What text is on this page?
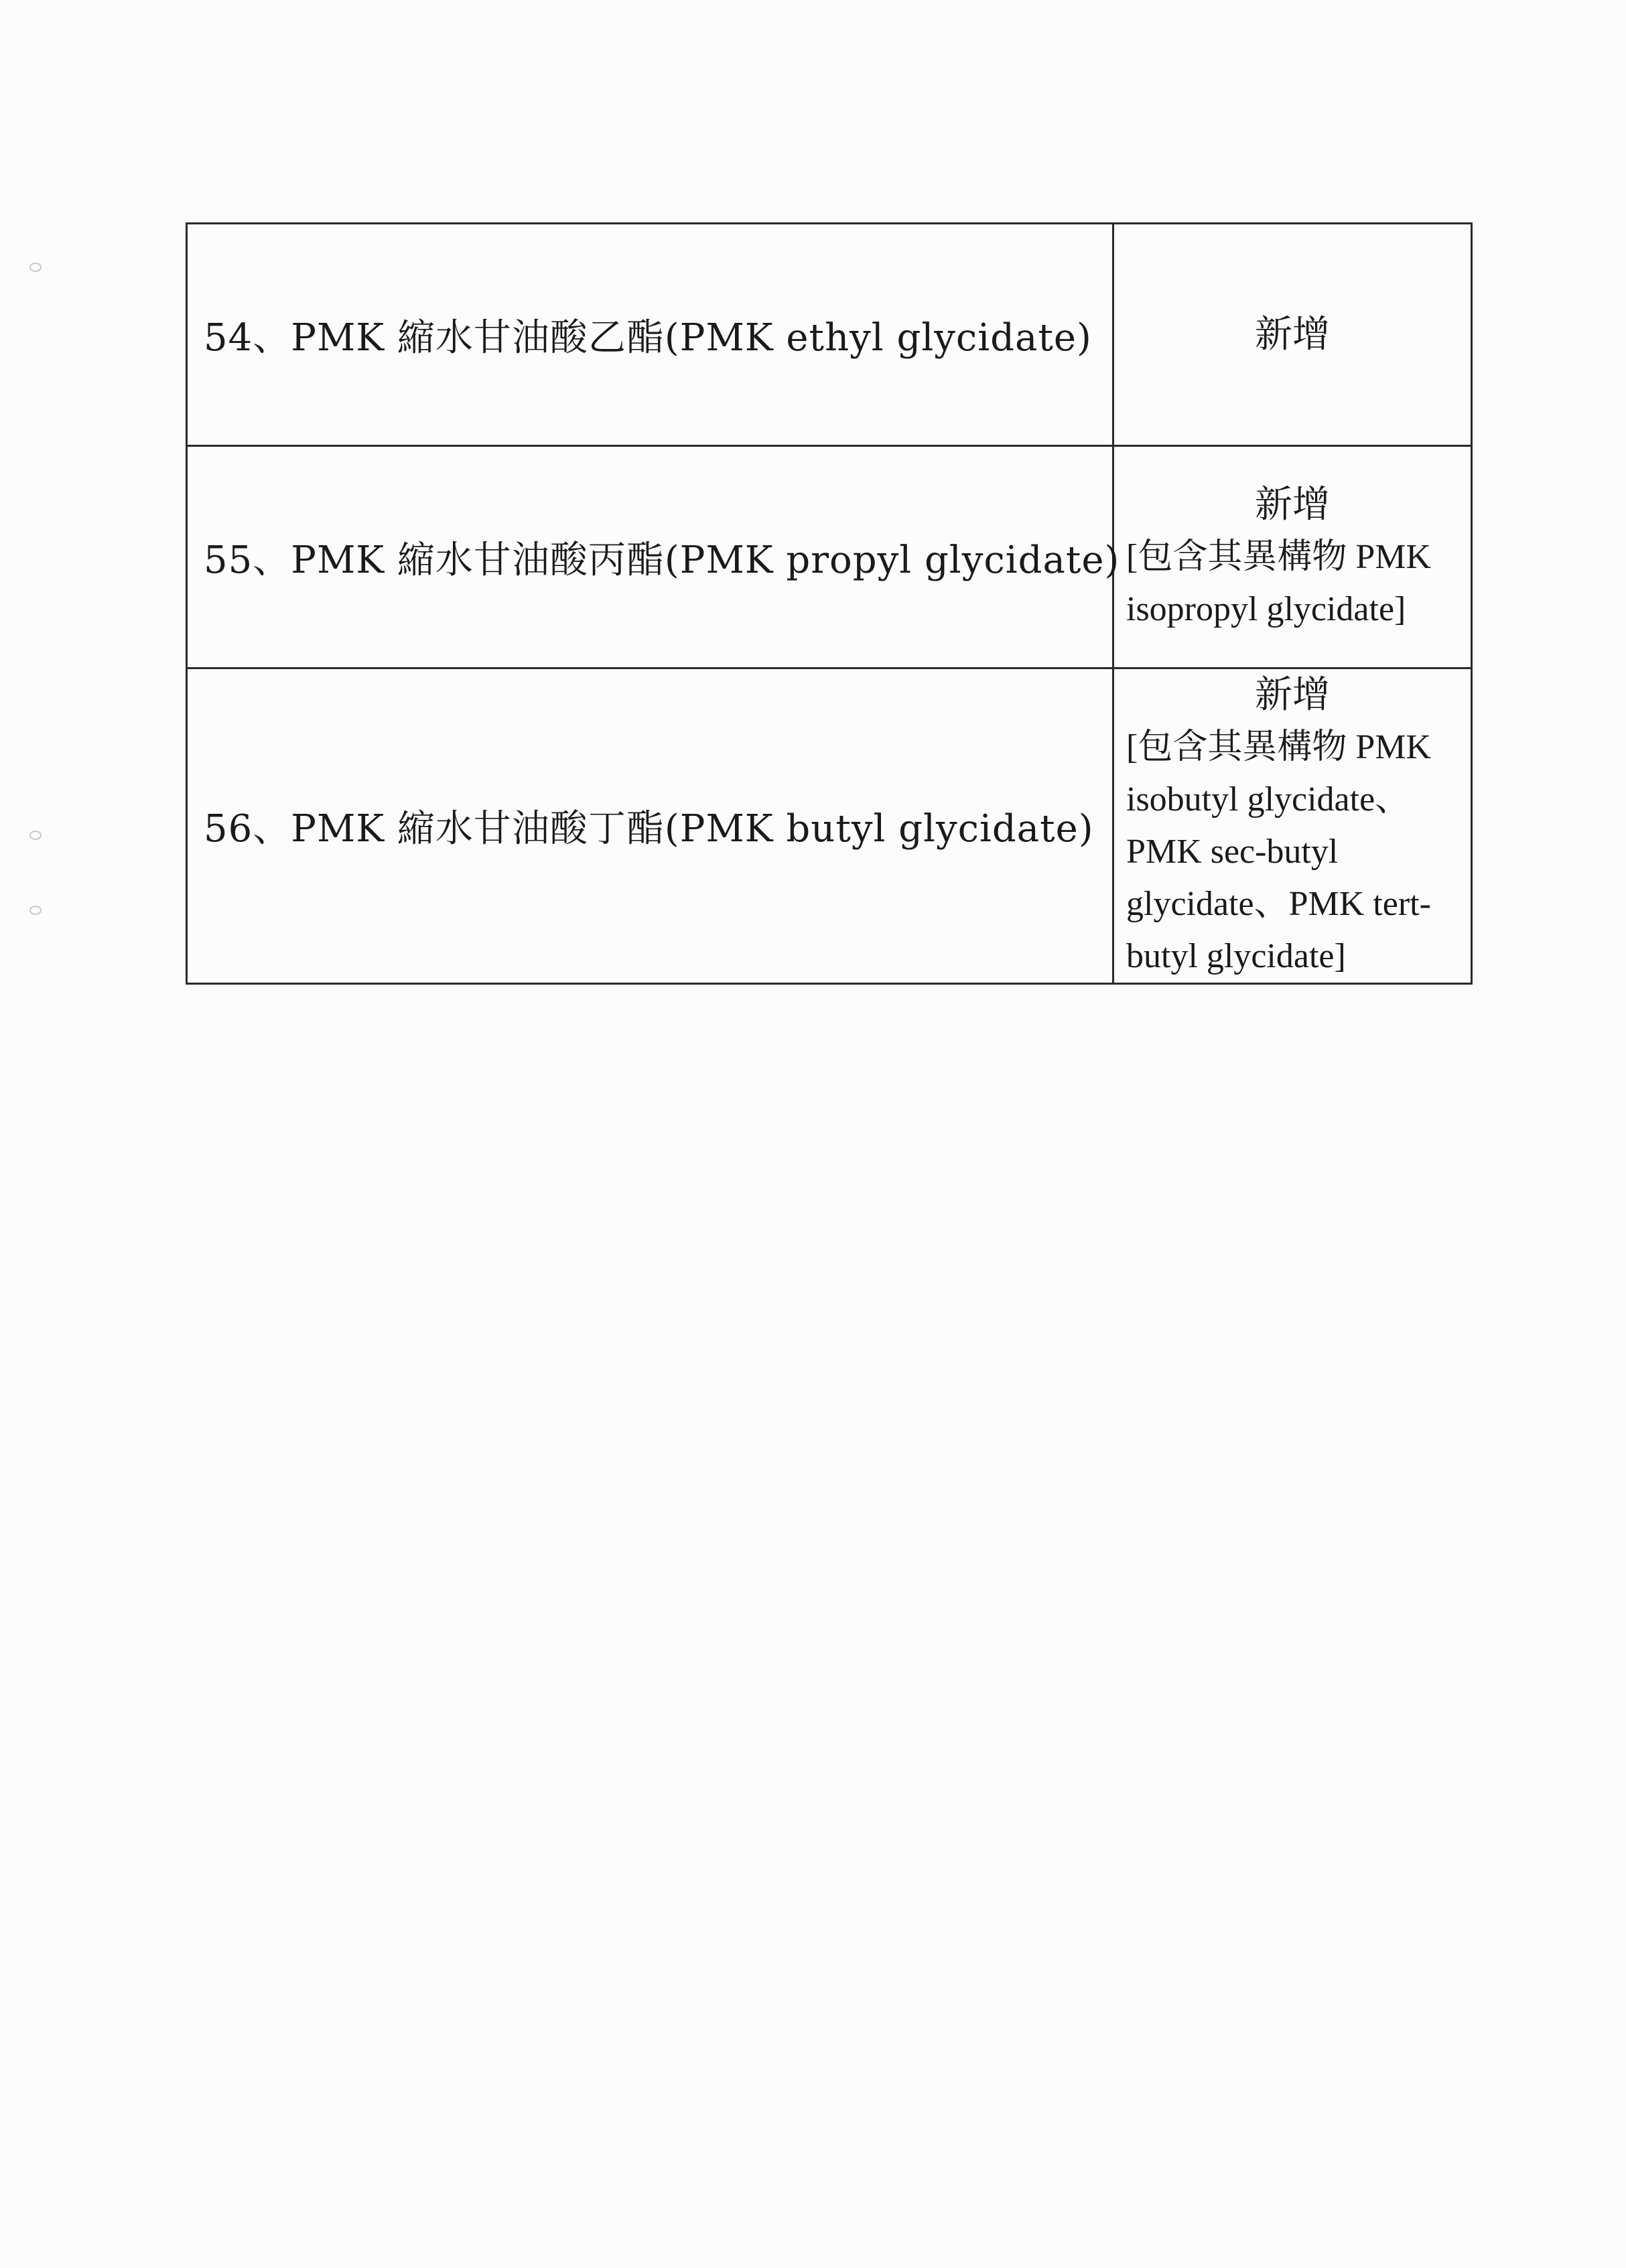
54、PMK 縮水甘油酸乙酯(PMK ethyl glycidate)	新增

55、PMK 縮水甘油酸丙酯(PMK propyl glycidate)	新增
[包含其異構物 PMK isopropyl glycidate]

56、PMK 縮水甘油酸丁酯(PMK butyl glycidate)	新增
[包含其異構物 PMK isobutyl glycidate、PMK sec-butyl glycidate、PMK tert-butyl glycidate]
